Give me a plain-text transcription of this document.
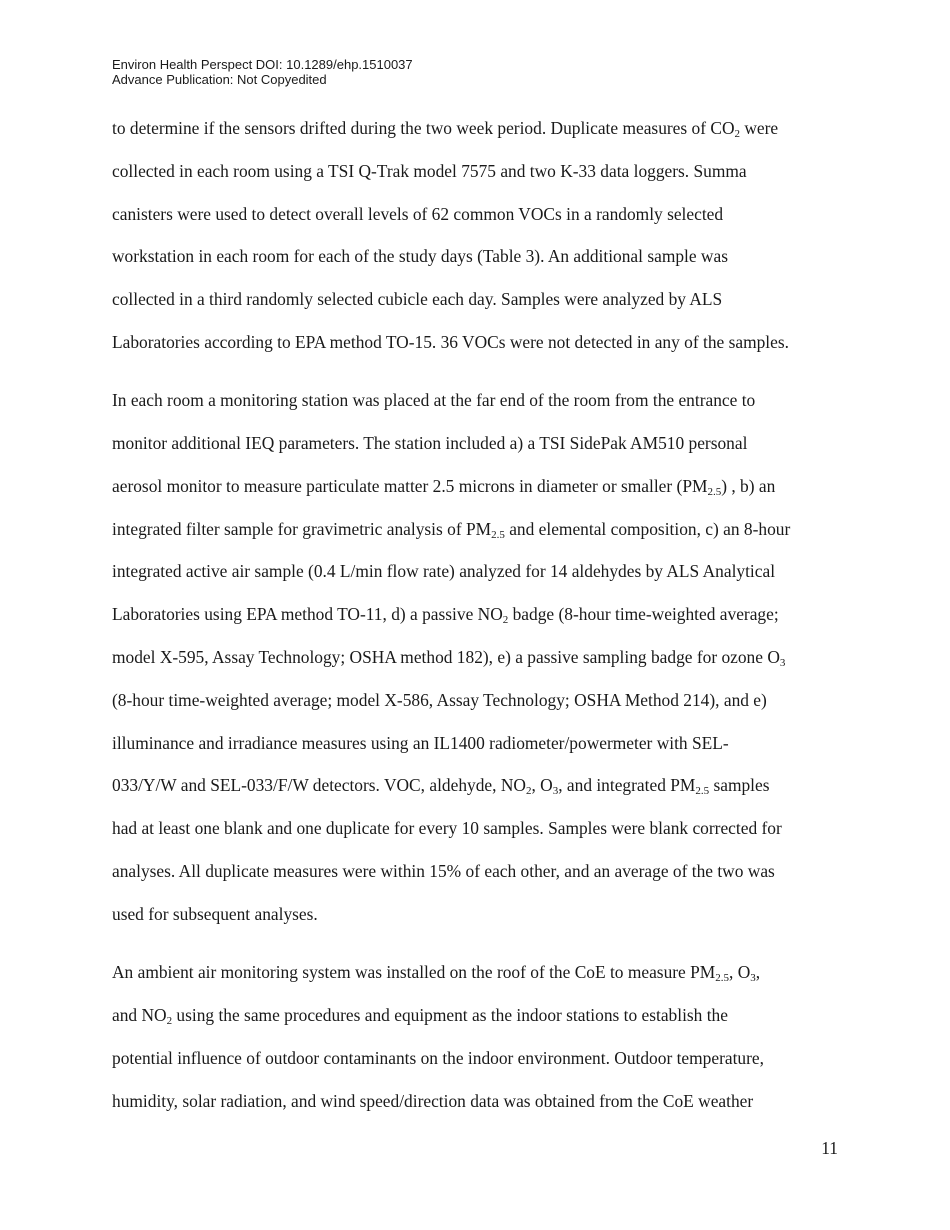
Environ Health Perspect DOI: 10.1289/ehp.1510037
Advance Publication: Not Copyedited
to determine if the sensors drifted during the two week period. Duplicate measures of $CO_2$ were
collected in each room using a TSI Q-Trak model 7575 and two K-33 data loggers. Summa
canisters were used to detect overall levels of 62 common VOCs in a randomly selected
workstation in each room for each of the study days (Table 3). An additional sample was
collected in a third randomly selected cubicle each day. Samples were analyzed by ALS
Laboratories according to EPA method TO-15. 36 VOCs were not detected in any of the samples.
In each room a monitoring station was placed at the far end of the room from the entrance to
monitor additional IEQ parameters. The station included a) a TSI SidePak AM510 personal
aerosol monitor to measure particulate matter 2.5 microns in diameter or smaller $(PM_{2.5})$ , b) an
integrated filter sample for gravimetric analysis of $PM_{2.5}$ and elemental composition, c) an 8-hour
integrated active air sample (0.4 L/min flow rate) analyzed for 14 aldehydes by ALS Analytical
Laboratories using EPA method TO-11, d) a passive $NO_2$ badge (8-hour time-weighted average;
model X-595, Assay Technology; OSHA method 182), e) a passive sampling badge for ozone $O_3$
(8-hour time-weighted average; model X-586, Assay Technology; OSHA Method 214), and e)
illuminance and irradiance measures using an IL1400 radiometer/powermeter with SEL-
033/Y/W and SEL-033/F/W detectors. VOC, aldehyde, $NO_2$, $O_3$, and integrated $PM_{2.5}$ samples
had at least one blank and one duplicate for every 10 samples. Samples were blank corrected for
analyses. All duplicate measures were within 15% of each other, and an average of the two was
used for subsequent analyses.
An ambient air monitoring system was installed on the roof of the CoE to measure $PM_{2.5}$, $O_3$,
and $NO_2$ using the same procedures and equipment as the indoor stations to establish the
potential influence of outdoor contaminants on the indoor environment. Outdoor temperature,
humidity, solar radiation, and wind speed/direction data was obtained from the CoE weather
11
